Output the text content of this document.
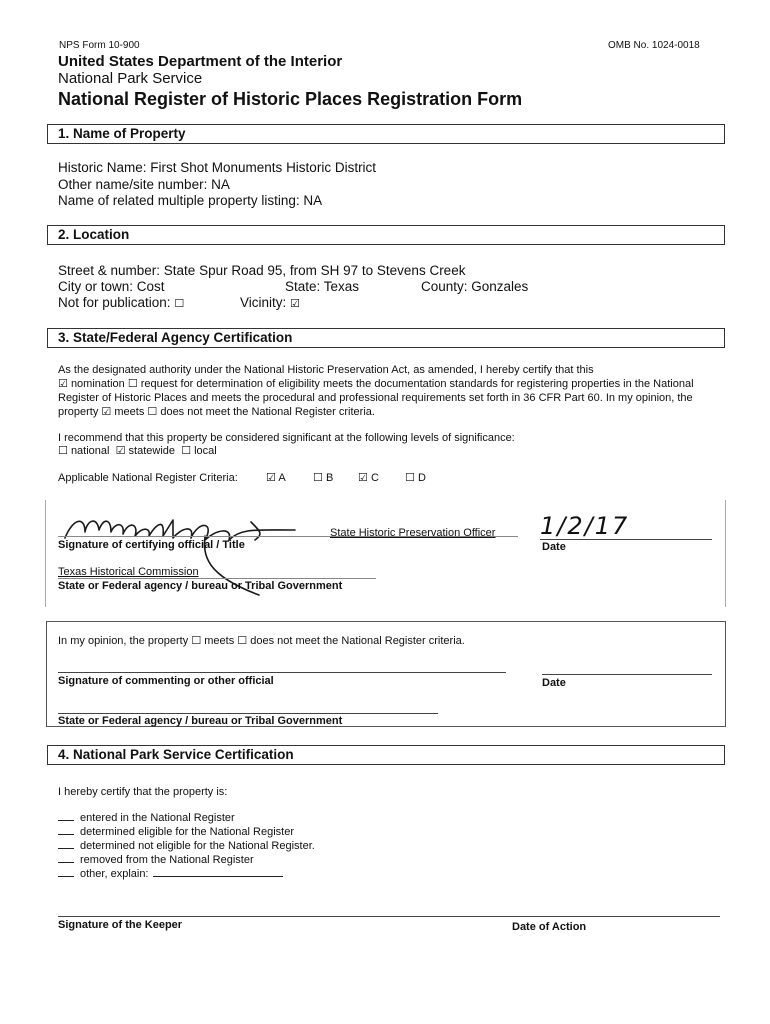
NPS Form 10-900	OMB No. 1024-0018
United States Department of the Interior
National Park Service
National Register of Historic Places Registration Form
1. Name of Property
Historic Name: First Shot Monuments Historic District
Other name/site number: NA
Name of related multiple property listing: NA
2. Location
Street & number: State Spur Road 95, from SH 97 to Stevens Creek
City or town: Cost	State: Texas	County: Gonzales
Not for publication: ☐	Vicinity: ☑
3. State/Federal Agency Certification
As the designated authority under the National Historic Preservation Act, as amended, I hereby certify that this
☑ nomination ☐ request for determination of eligibility meets the documentation standards for registering properties in the National
Register of Historic Places and meets the procedural and professional requirements set forth in 36 CFR Part 60. In my opinion, the
property ☑ meets ☐ does not meet the National Register criteria.
I recommend that this property be considered significant at the following levels of significance:
☐ national ☑ statewide ☐ local
Applicable National Register Criteria:	☑ A ☐ B ☑ C ☐ D
State Historic Preservation Officer
Signature of certifying official / Title
1/2/17
Date
Texas Historical Commission
State or Federal agency / bureau or Tribal Government
In my opinion, the property ☐ meets ☐ does not meet the National Register criteria.
Signature of commenting or other official	Date
State or Federal agency / bureau or Tribal Government
4. National Park Service Certification
I hereby certify that the property is:
entered in the National Register
determined eligible for the National Register
determined not eligible for the National Register.
removed from the National Register
other, explain:
Signature of the Keeper	Date of Action
